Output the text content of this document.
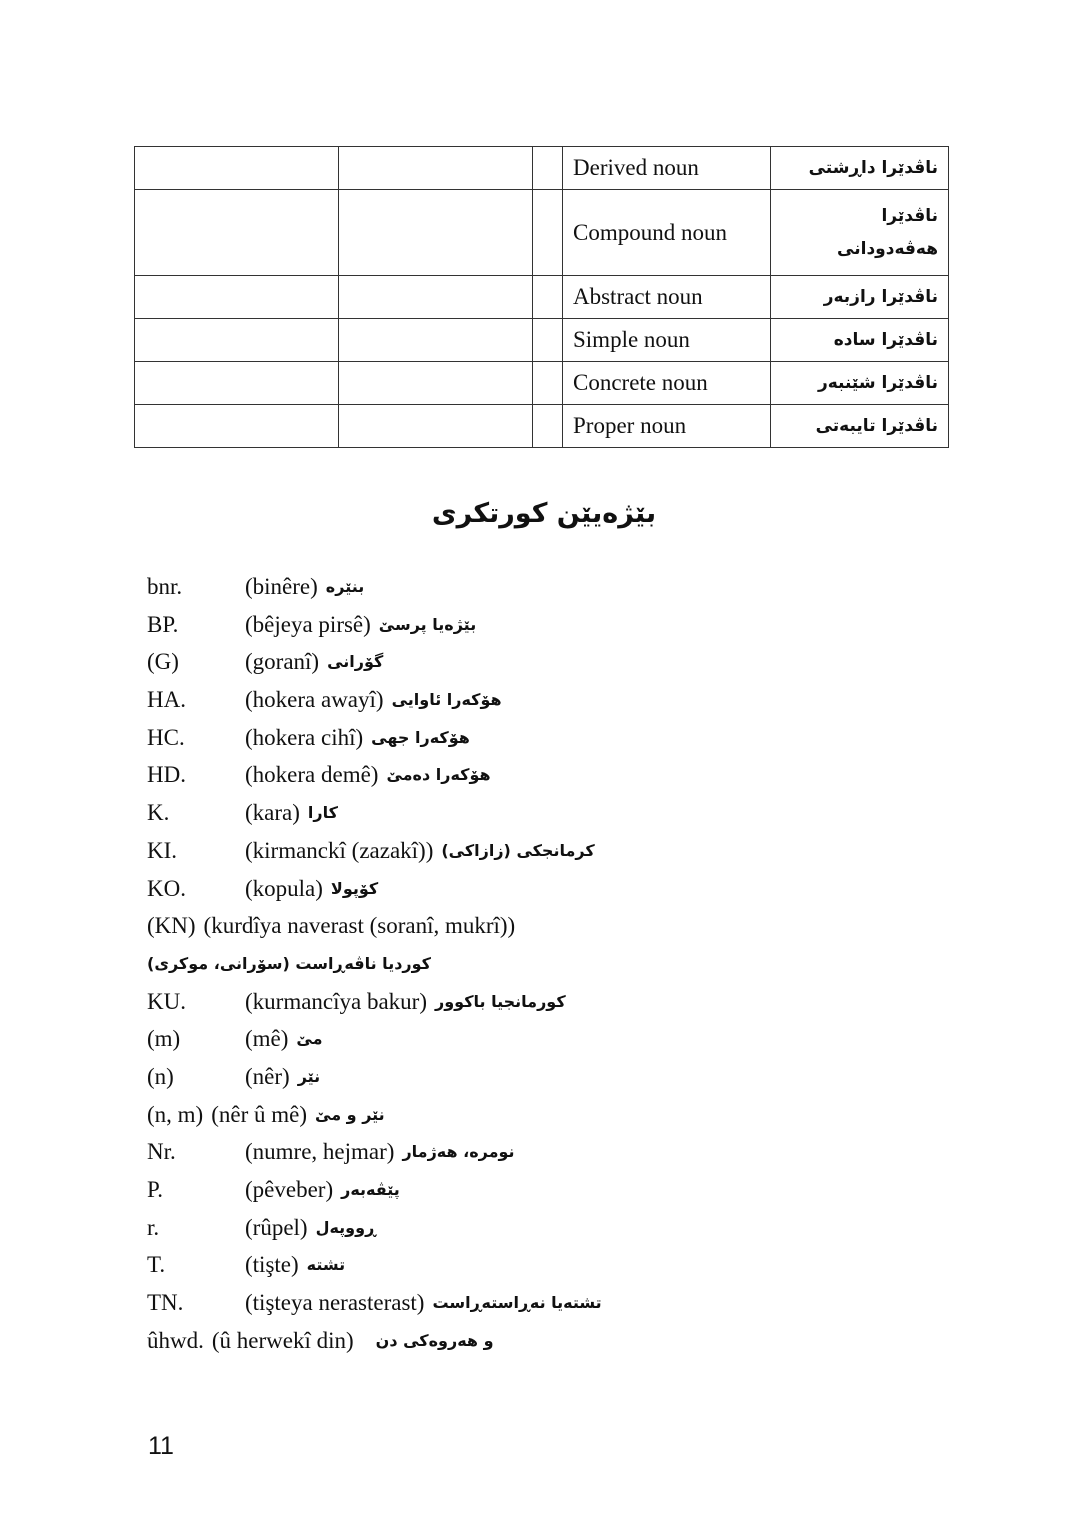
			Derived noun	ناڤدێرا داڕشتی
			Compound noun	ناڤدێرا هەڤەدودانی
			Abstract noun	ناڤدێرا رازبەر
			Simple noun	ناڤدێرا سادە
			Concrete noun	ناڤدێرا شێنبەر
			Proper noun	ناڤدێرا تایبەتی
بێژەیێن کورتکری
bnr.	(binêre) بنێرە
BP.	(bêjeya pirsê) بێژەیا پرسێ
(G)	(goranî) گۆرانی
HA.	(hokera awayî) هۆکەرا ئاوایی
HC.	(hokera cihî) هۆکەرا جهی
HD.	(hokera demê) هۆکەرا دەمێ
K.	(kara) کارا
KI.	(kirmanckî (zazakî)) کرمانجکی (زازاکی)
KO.	(kopula) کۆپولا
(KN) (kurdîya naverast (soranî, mukrî))
کوردیا ناڤەڕاست (سۆرانی، موکری)
KU.	(kurmancîya bakur) کورمانجیا باکوور
(m)	(mê) مێ
(n)	(nêr) نێر
(n, m) (nêr û mê) نێر و مێ
Nr.	(numre, hejmar) نومرە، هەژمار
P.	(pêveber) پێڤەبەر
r.	(rûpel) ڕووپەل
T.	(tişte) تشتە
TN.	(tişteya nerasterast) تشتەیا نەڕاستەڕاست
ûhwd. (û herwekî din) و هەروەکی دن
11
